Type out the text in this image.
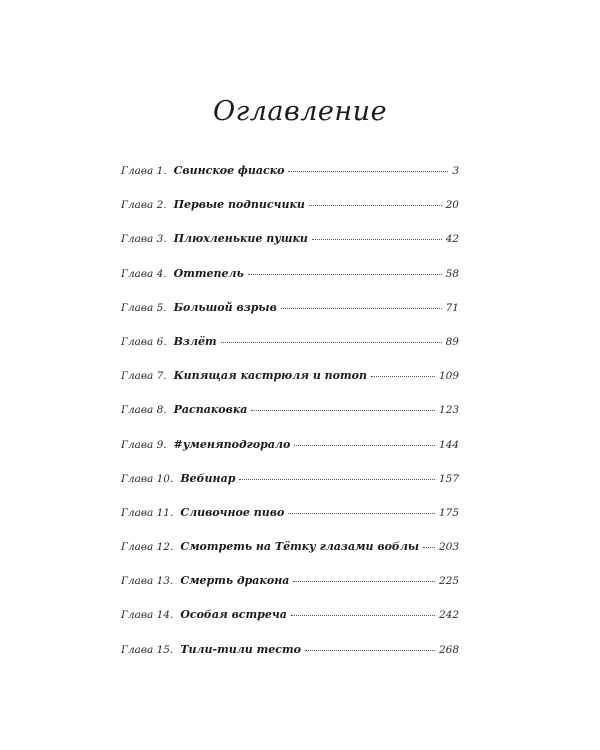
Оглавление
Глава 1. Свинское фиаско	3
Глава 2. Первые подписчики	20
Глава 3. Плюхленькие пушки	42
Глава 4. Оттепель	58
Глава 5. Большой взрыв	71
Глава 6. Взлёт	89
Глава 7. Кипящая кастрюля и потоп	109
Глава 8. Распаковка	123
Глава 9. #уменяподгорало	144
Глава 10. Вебинар	157
Глава 11. Сливочное пиво	175
Глава 12. Смотреть на Тётку глазами воблы 203
Глава 13. Смерть дракона	225
Глава 14. Особая встреча	242
Глава 15. Тили-тили тесто	268
